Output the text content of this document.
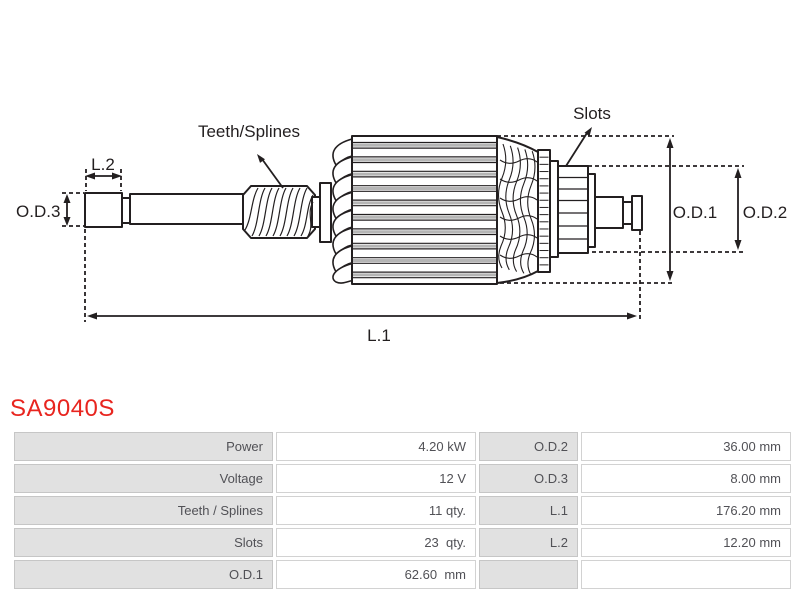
Teeth/Splines
Slots
L.2
O.D.3	O.D.1 O.D.2
L.1
SA9040S
Power	4.20 kW	O.D.2	36.00 mm
Voltage	12 V	O.D.3	8.00 mm
Teeth / Splines	11 qty.	L.1	176.20 mm
Slots	23  qty.	L.2	12.20 mm
O.D.1	62.60  mm		
